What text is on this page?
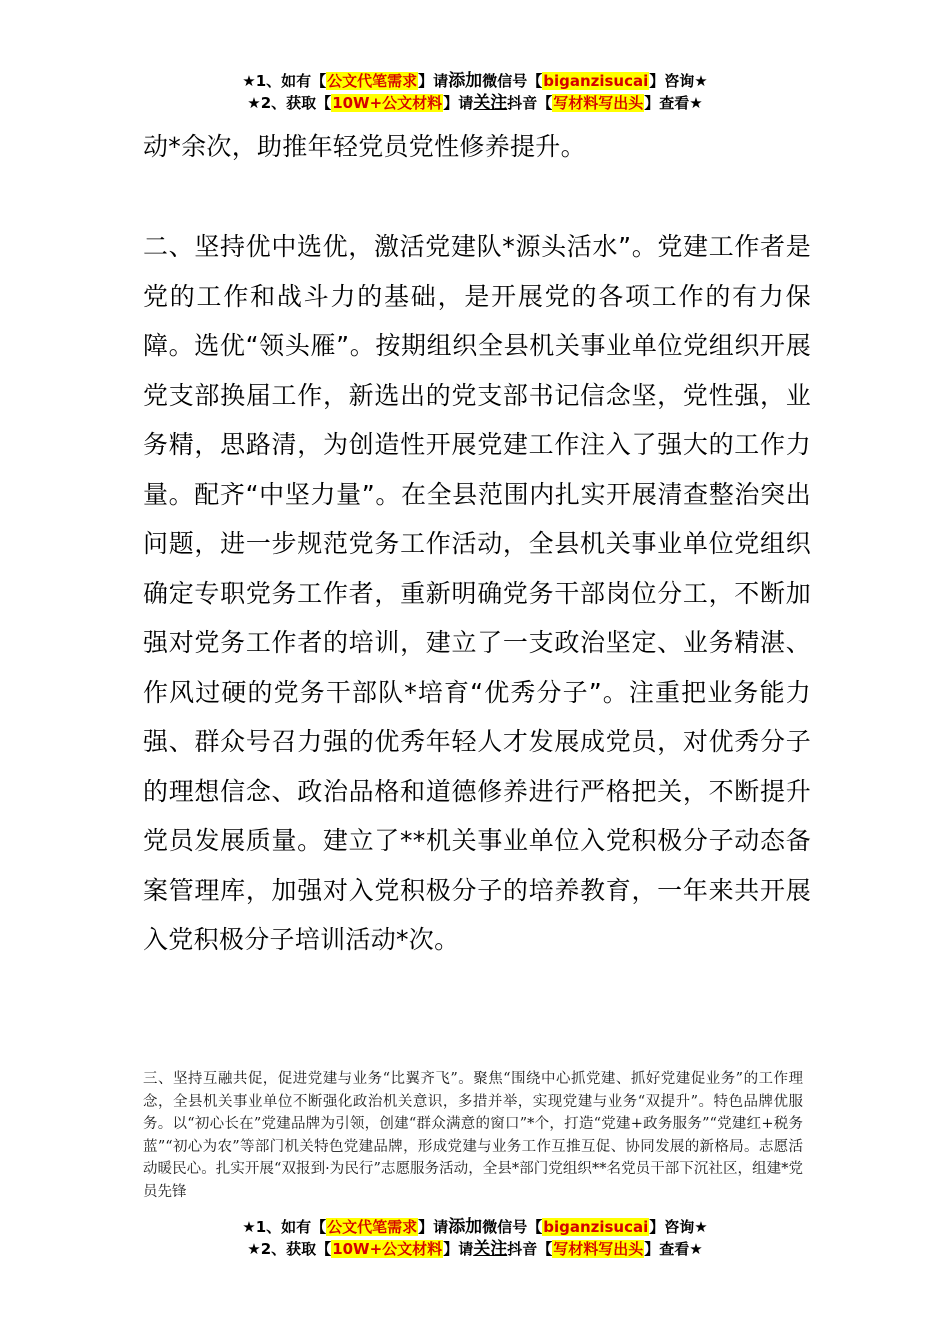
★1、如有【公文代笔需求】请添加微信号【biganzisucai】咨询★
★2、获取【10W+公文材料】请关注抖音【写材料写出头】查看★
动*余次，助推年轻党员党性修养提升。
二、坚持优中选优，激活党建队*源头活水”。党建工作者是党的工作和战斗力的基础，是开展党的各项工作的有力保障。选优“领头雁”。按期组织全县机关事业单位党组织开展党支部换届工作，新选出的党支部书记信念坚，党性强，业务精，思路清，为创造性开展党建工作注入了强大的工作力量。配齐“中坚力量”。在全县范围内扎实开展清查整治突出问题，进一步规范党务工作活动，全县机关事业单位党组织确定专职党务工作者，重新明确党务干部岗位分工，不断加强对党务工作者的培训，建立了一支政治坚定、业务精湛、作风过硬的党务干部队*培育“优秀分子”。注重把业务能力强、群众号召力强的优秀年轻人才发展成党员，对优秀分子的理想信念、政治品格和道德修养进行严格把关，不断提升党员发展质量。建立了**机关事业单位入党积极分子动态备案管理库，加强对入党积极分子的培养教育，一年来共开展入党积极分子培训活动*次。
三、坚持互融共促，促进党建与业务“比翼齐飞”。聚焦“围绕中心抓党建、抓好党建促业务”的工作理念，全县机关事业单位不断强化政治机关意识，多措并举，实现党建与业务“双提升”。特色品牌优服务。以“初心长在”党建品牌为引领，创建“群众满意的窗口”*个，打造“党建+政务服务”“党建红+税务蓝”“初心为农”等部门机关特色党建品牌，形成党建与业务工作互推互促、协同发展的新格局。志愿活动暖民心。扎实开展“双报到·为民行”志愿服务活动，全县*部门党组织**名党员干部下沉社区，组建*党员先锋
★1、如有【公文代笔需求】请添加微信号【biganzisucai】咨询★
★2、获取【10W+公文材料】请关注抖音【写材料写出头】查看★
